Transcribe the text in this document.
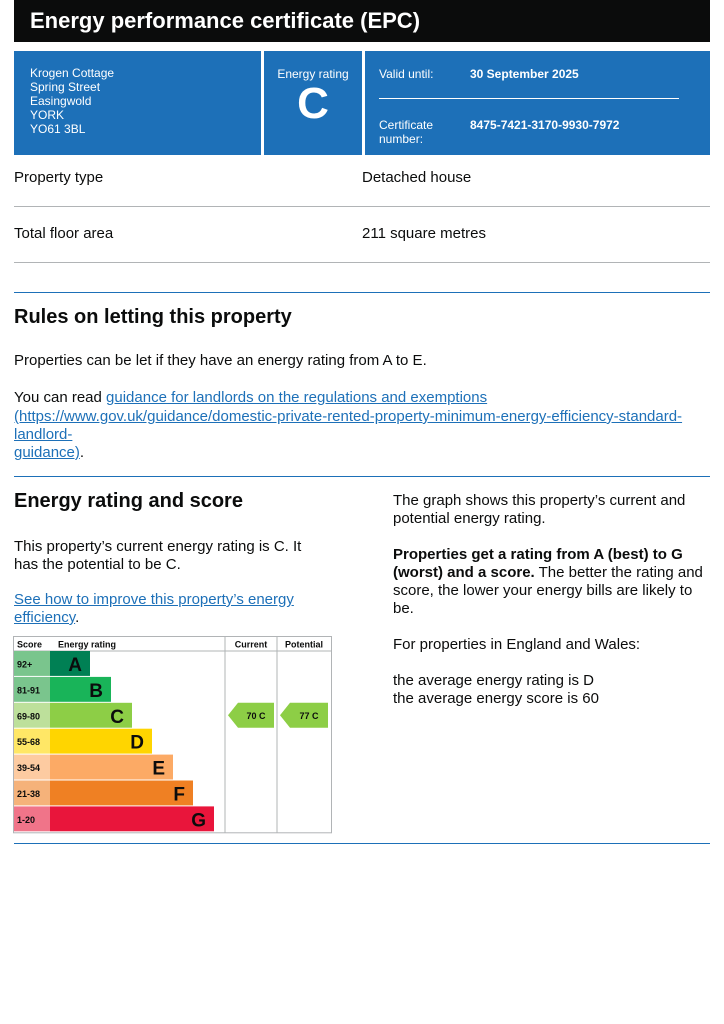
Energy performance certificate (EPC)
Krogen Cottage
Spring Street
Easingwold
YORK
YO61 3BL
Energy rating
C
Valid until:	30 September 2025
Certificate
number:
8475-7421-3170-9930-7972
Property type	Detached house
Total floor area	211 square metres
Rules on letting this property

Properties can be let if they have an energy rating from A to E.

You can read guidance for landlords on the regulations and exemptions

(https://www.gov.uk/guidance/domestic-private-rented-property-minimum-energy-efficiency-standard-landlord-
guidance).

Energy rating and score

This property’s current energy rating is C. It
has the potential to be C.

See how to improve this property’s energy
efficiency.

Score Energy rating	Current Potential
92+ A
81-91	B
69-80	C
55-68	D
39-54	E
21-38	F
1-20	G
70 C	77 C

The graph shows this property’s current and
potential energy rating.

Properties get a rating from A (best) to G
(worst) and a score. The better the rating and
score, the lower your energy bills are likely to
be.

For properties in England and Wales:

the average energy rating is D
the average energy score is 60
